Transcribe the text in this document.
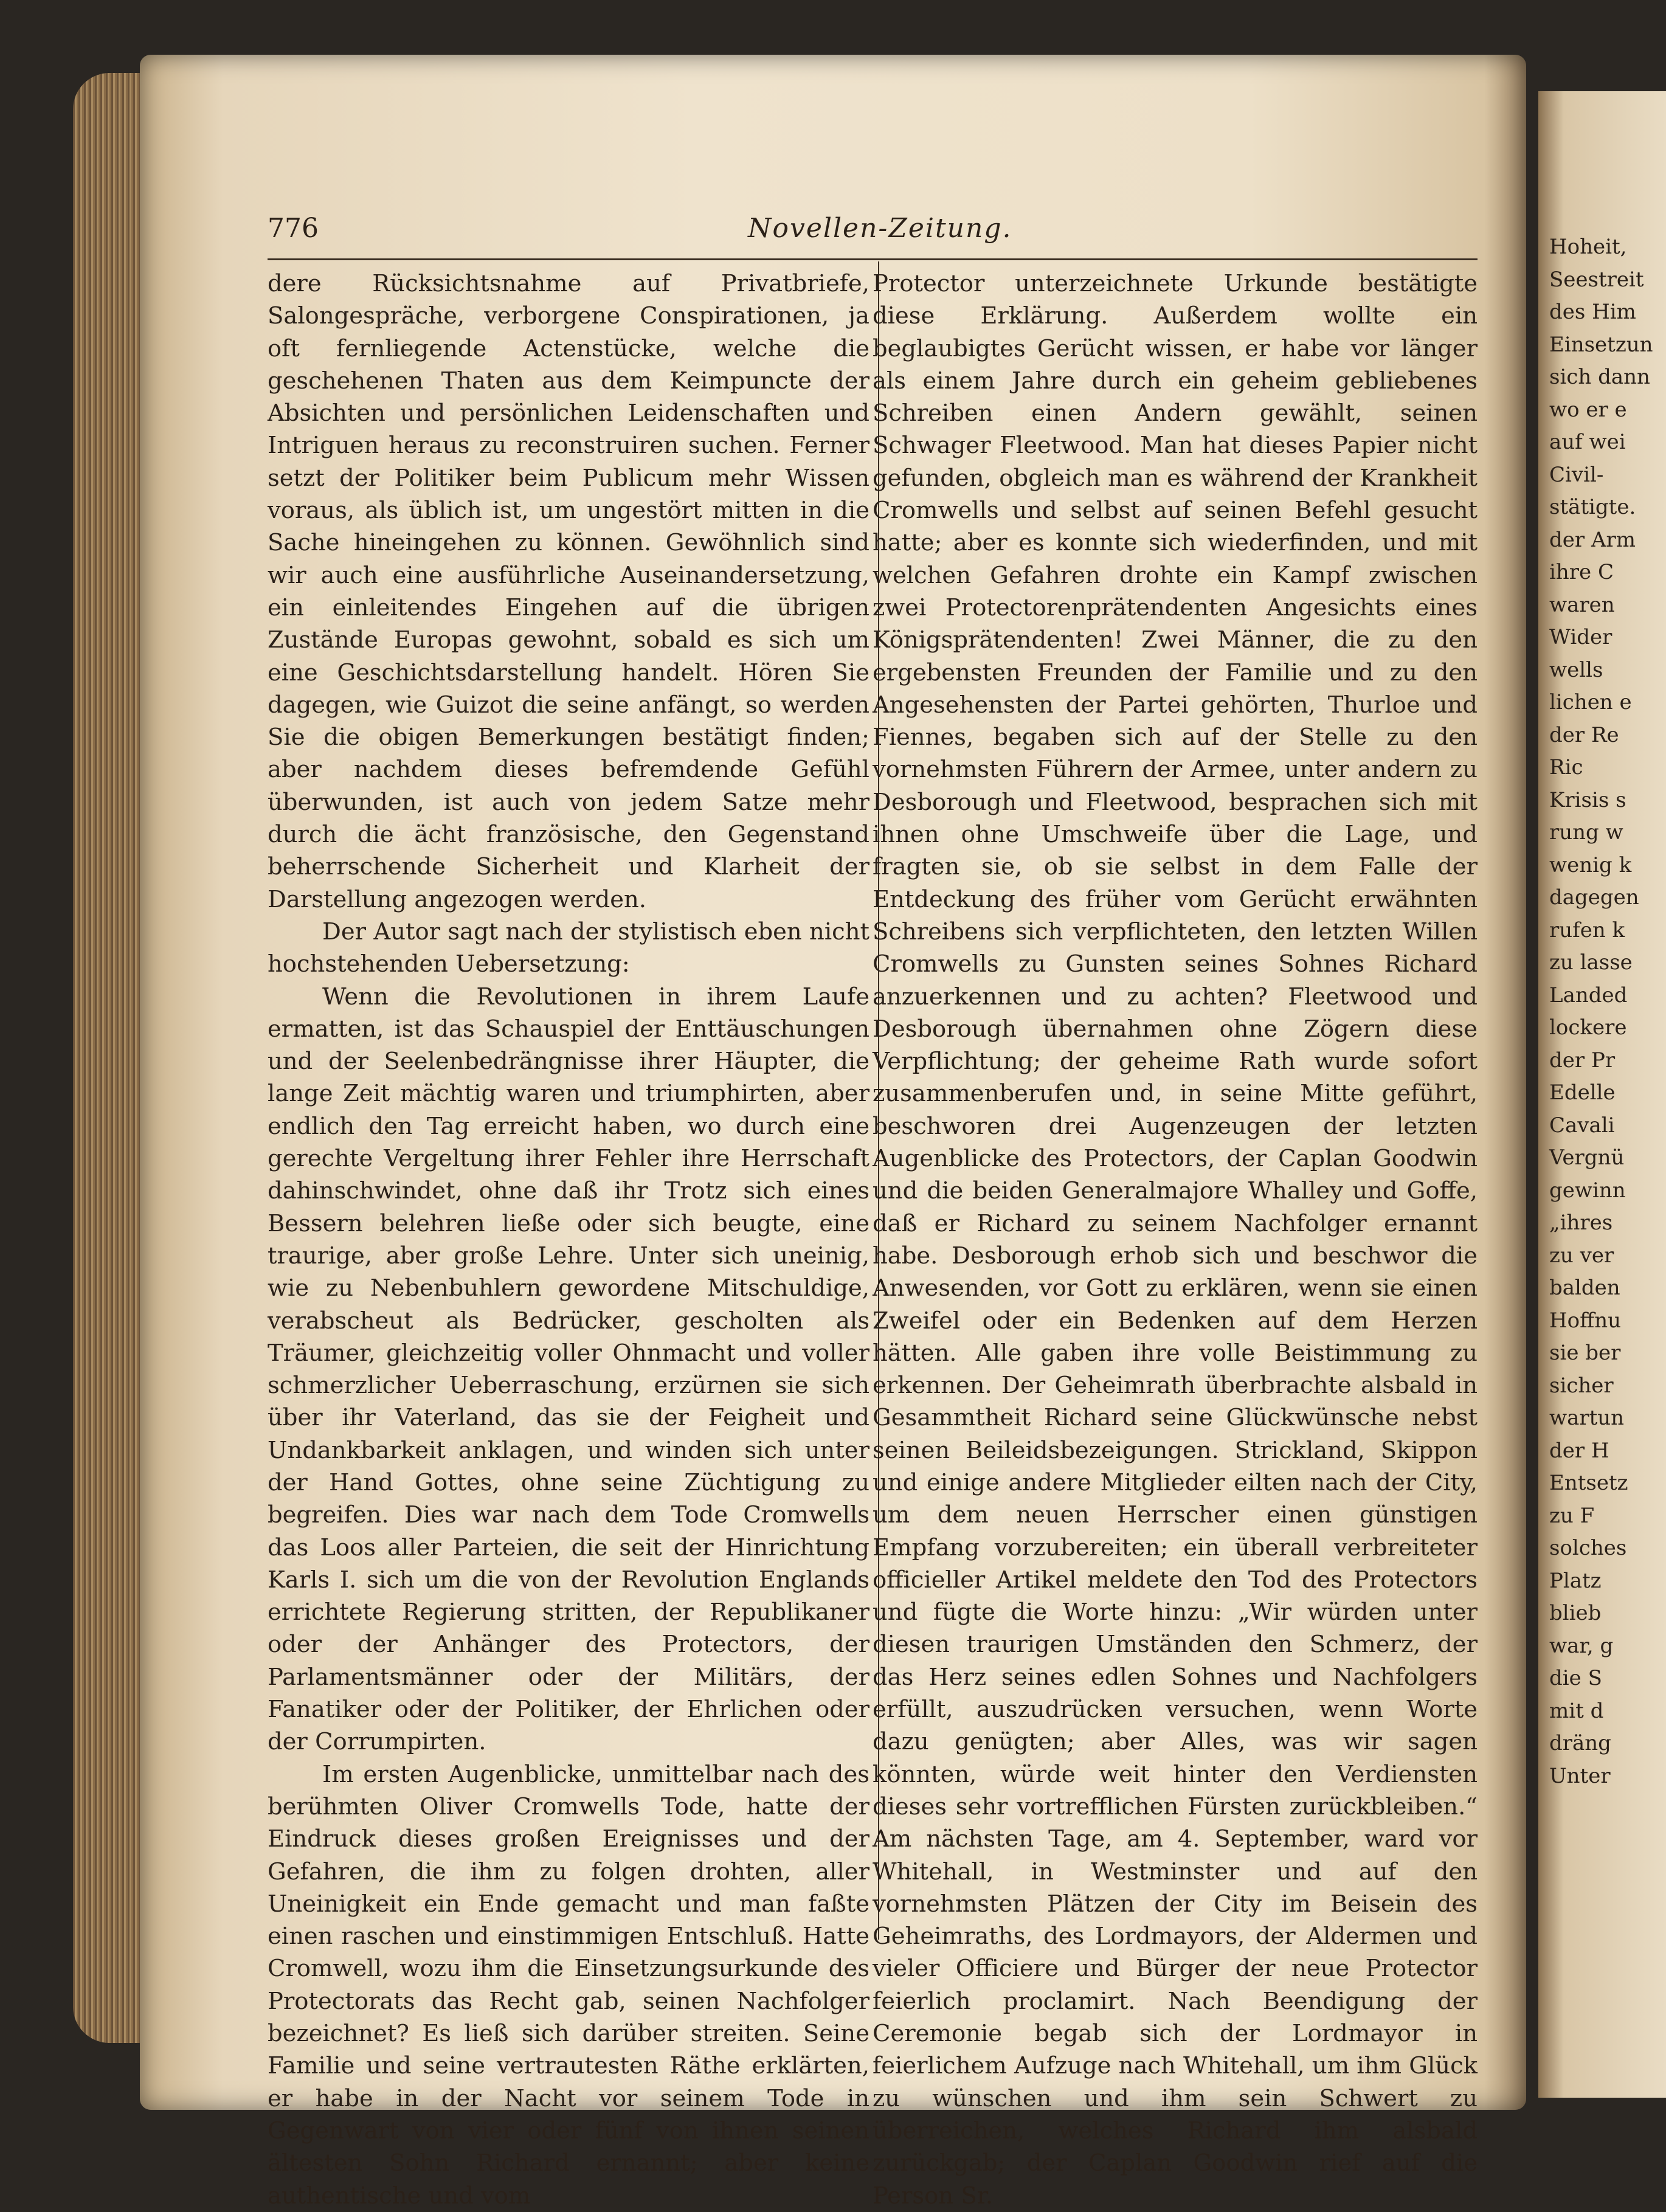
776	Novellen-Zeitung.

dere Rücksichtsnahme auf Privatbriefe, Salongespräche, verborgene Conspirationen, ja oft fernliegende Actenstücke, welche die geschehenen Thaten aus dem Keimpuncte der Absichten und persönlichen Leidenschaften und Intriguen heraus zu reconstruiren suchen. Ferner setzt der Politiker beim Publicum mehr Wissen voraus, als üblich ist, um ungestört mitten in die Sache hineingehen zu können. Gewöhnlich sind wir auch eine ausführliche Auseinandersetzung, ein einleitendes Eingehen auf die übrigen Zustände Europas gewohnt, sobald es sich um eine Geschichtsdarstellung handelt. Hören Sie dagegen, wie Guizot die seine anfängt, so werden Sie die obigen Bemerkungen bestätigt finden; aber nachdem dieses befremdende Gefühl überwunden, ist auch von jedem Satze mehr durch die ächt französische, den Gegenstand beherrschende Sicherheit und Klarheit der Darstellung angezogen werden.

Der Autor sagt nach der stylistisch eben nicht hochstehenden Uebersetzung:

Wenn die Revolutionen in ihrem Laufe ermatten, ist das Schauspiel der Enttäuschungen und der Seelenbedrängnisse ihrer Häupter, die lange Zeit mächtig waren und triumphirten, aber endlich den Tag erreicht haben, wo durch eine gerechte Vergeltung ihrer Fehler ihre Herrschaft dahinschwindet, ohne daß ihr Trotz sich eines Bessern belehren ließe oder sich beugte, eine traurige, aber große Lehre. Unter sich uneinig, wie zu Nebenbuhlern gewordene Mitschuldige, verabscheut als Bedrücker, gescholten als Träumer, gleichzeitig voller Ohnmacht und voller schmerzlicher Ueberraschung, erzürnen sie sich über ihr Vaterland, das sie der Feigheit und Undankbarkeit anklagen, und winden sich unter der Hand Gottes, ohne seine Züchtigung zu begreifen. Dies war nach dem Tode Cromwells das Loos aller Parteien, die seit der Hinrichtung Karls I. sich um die von der Revolution Englands errichtete Regierung stritten, der Republikaner oder der Anhänger des Protectors, der Parlamentsmänner oder der Militärs, der Fanatiker oder der Politiker, der Ehrlichen oder der Corrumpirten.

Im ersten Augenblicke, unmittelbar nach des berühmten Oliver Cromwells Tode, hatte der Eindruck dieses großen Ereignisses und der Gefahren, die ihm zu folgen drohten, aller Uneinigkeit ein Ende gemacht und man faßte einen raschen und einstimmigen Entschluß. Hatte Cromwell, wozu ihm die Einsetzungsurkunde des Protectorats das Recht gab, seinen Nachfolger bezeichnet? Es ließ sich darüber streiten. Seine Familie und seine vertrautesten Räthe erklärten, er habe in der Nacht vor seinem Tode in Gegenwart von vier oder fünf von ihnen seinen ältesten Sohn Richard ernannt; aber keine authentische und vom

Protector unterzeichnete Urkunde bestätigte diese Erklärung. Außerdem wollte ein beglaubigtes Gerücht wissen, er habe vor länger als einem Jahre durch ein geheim gebliebenes Schreiben einen Andern gewählt, seinen Schwager Fleetwood. Man hat dieses Papier nicht gefunden, obgleich man es während der Krankheit Cromwells und selbst auf seinen Befehl gesucht hatte; aber es konnte sich wiederfinden, und mit welchen Gefahren drohte ein Kampf zwischen zwei Protectorenprätendenten Angesichts eines Königsprätendenten! Zwei Männer, die zu den ergebensten Freunden der Familie und zu den Angesehensten der Partei gehörten, Thurloe und Fiennes, begaben sich auf der Stelle zu den vornehmsten Führern der Armee, unter andern zu Desborough und Fleetwood, besprachen sich mit ihnen ohne Umschweife über die Lage, und fragten sie, ob sie selbst in dem Falle der Entdeckung des früher vom Gerücht erwähnten Schreibens sich verpflichteten, den letzten Willen Cromwells zu Gunsten seines Sohnes Richard anzuerkennen und zu achten? Fleetwood und Desborough übernahmen ohne Zögern diese Verpflichtung; der geheime Rath wurde sofort zusammenberufen und, in seine Mitte geführt, beschworen drei Augenzeugen der letzten Augenblicke des Protectors, der Caplan Goodwin und die beiden Generalmajore Whalley und Goffe, daß er Richard zu seinem Nachfolger ernannt habe. Desborough erhob sich und beschwor die Anwesenden, vor Gott zu erklären, wenn sie einen Zweifel oder ein Bedenken auf dem Herzen hätten. Alle gaben ihre volle Beistimmung zu erkennen. Der Geheimrath überbrachte alsbald in Gesammtheit Richard seine Glückwünsche nebst seinen Beileidsbezeigungen. Strickland, Skippon und einige andere Mitglieder eilten nach der City, um dem neuen Herrscher einen günstigen Empfang vorzubereiten; ein überall verbreiteter officieller Artikel meldete den Tod des Protectors und fügte die Worte hinzu: „Wir würden unter diesen traurigen Umständen den Schmerz, der das Herz seines edlen Sohnes und Nachfolgers erfüllt, auszudrücken versuchen, wenn Worte dazu genügten; aber Alles, was wir sagen könnten, würde weit hinter den Verdiensten dieses sehr vortrefflichen Fürsten zurückbleiben.“ Am nächsten Tage, am 4. September, ward vor Whitehall, in Westminster und auf den vornehmsten Plätzen der City im Beisein des Geheimraths, des Lordmayors, der Aldermen und vieler Officiere und Bürger der neue Protector feierlich proclamirt. Nach Beendigung der Ceremonie begab sich der Lordmayor in feierlichem Aufzuge nach Whitehall, um ihm Glück zu wünschen und ihm sein Schwert zu überreichen, welches Richard ihm alsbald zurückgab; der Caplan Goodwin rief auf die Person Sr.

Hoheit,
Seestreit
des Him
Einsetzun
sich dann
wo er e
auf wei
Civil-
stätigte.
der Arm
ihre C
waren
Wider
wells
lichen e
der Re
Ric
Krisis s
rung w
wenig k
dagegen
rufen k
zu lasse
Landed
lockere
der Pr
Edelle
Cavali
Vergnü
gewinn
„ihres
zu ver
balden
Hoffnu
sie ber
sicher
wartun
der H
Entsetz
zu F
solches
Platz
blieb
war, g
die S
mit d
dräng
Unter
